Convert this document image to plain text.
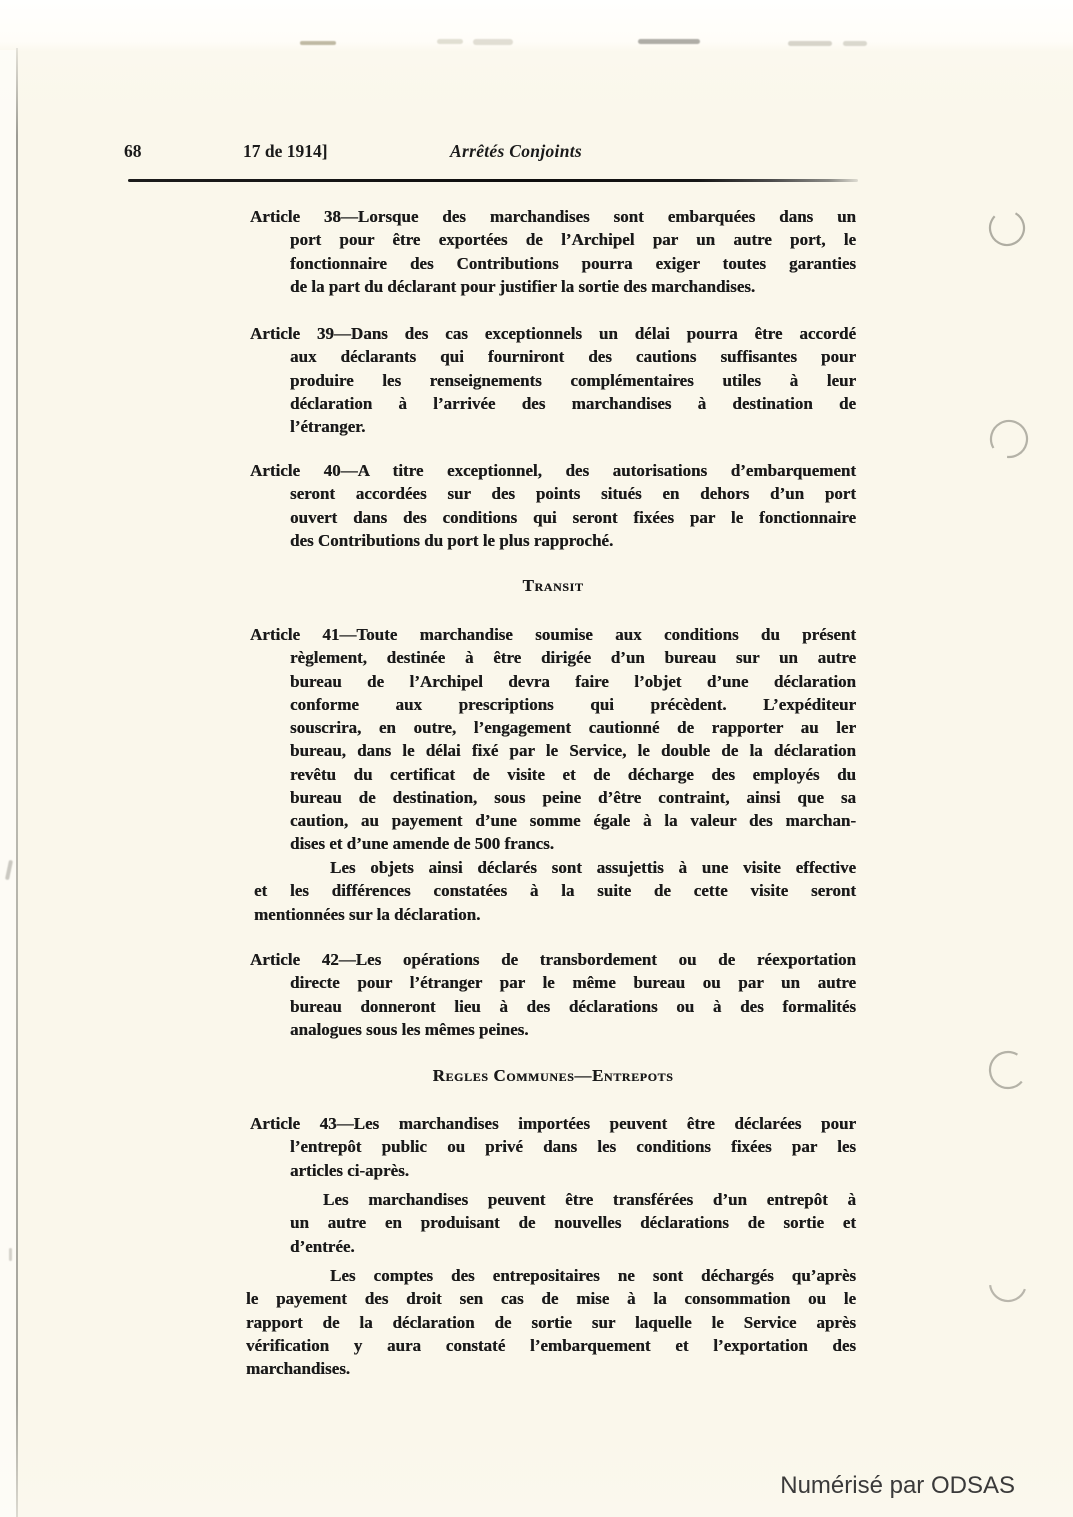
68	17 de 1914]	Arrêtés Conjoints
Article 38—Lorsque des marchandises sont embarquées dans un
port pour être exportées de l’Archipel par un autre port, le
fonctionnaire des Contributions pourra exiger toutes garanties
de la part du déclarant pour justifier la sortie des marchandises.
Article 39—Dans des cas exceptionnels un délai pourra être accordé
aux déclarants qui fourniront des cautions suffisantes pour
produire les renseignements complémentaires utiles à leur
déclaration à l’arrivée des marchandises à destination de
l’étranger.
Article 40—A titre exceptionnel, des autorisations d’embarquement
seront accordées sur des points situés en dehors d’un port
ouvert dans des conditions qui seront fixées par le fonctionnaire
des Contributions du port le plus rapproché.
Transit
Article 41—Toute marchandise soumise aux conditions du présent
règlement, destinée à être dirigée d’un bureau sur un autre
bureau de l’Archipel devra faire l’objet d’une déclaration
conforme aux prescriptions qui précèdent. L’expéditeur
souscrira, en outre, l’engagement cautionné de rapporter au ler
bureau, dans le délai fixé par le Service, le double de la déclaration
revêtu du certificat de visite et de décharge des employés du
bureau de destination, sous peine d’être contraint, ainsi que sa
caution, au payement d’une somme égale à la valeur des marchan-
dises et d’une amende de 500 francs.
Les objets ainsi déclarés sont assujettis à une visite effective
et les différences constatées à la suite de cette visite seront
mentionnées sur la déclaration.
Article 42—Les opérations de transbordement ou de réexportation
directe pour l’étranger par le même bureau ou par un autre
bureau donneront lieu à des déclarations ou à des formalités
analogues sous les mêmes peines.
Regles Communes—Entrepots
Article 43—Les marchandises importées peuvent être déclarées pour
l’entrepôt public ou privé dans les conditions fixées par les
articles ci-après.
Les marchandises peuvent être transférées d’un entrepôt à
un autre en produisant de nouvelles déclarations de sortie et
d’entrée.
Les comptes des entrepositaires ne sont déchargés qu’après
le payement des droit sen cas de mise à la consommation ou le
rapport de la déclaration de sortie sur laquelle le Service après
vérification y aura constaté l’embarquement et l’exportation des
marchandises.
Numérisé par ODSAS
